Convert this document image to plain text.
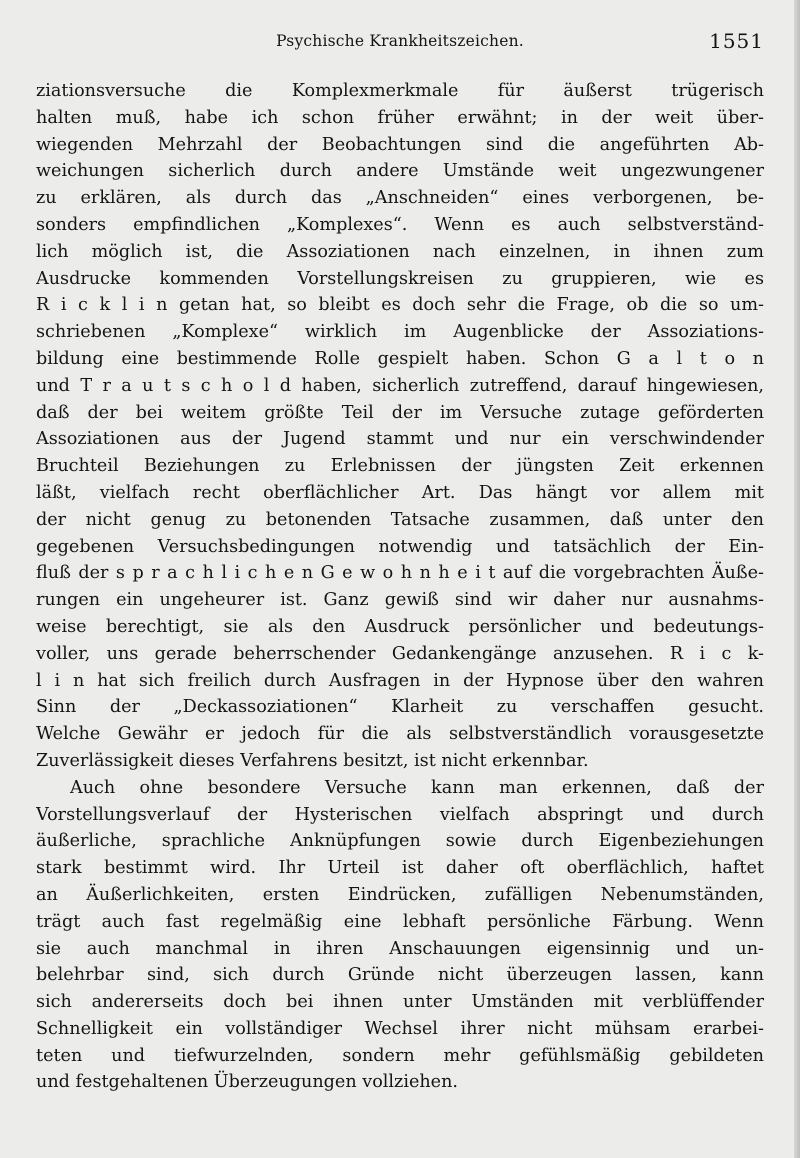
Psychische Krankheitszeichen.	1551
ziationsversuche die Komplexmerkmale für äußerst trügerisch
halten muß, habe ich schon früher erwähnt; in der weit über-
wiegenden Mehrzahl der Beobachtungen sind die angeführten Ab-
weichungen sicherlich durch andere Umstände weit ungezwungener
zu erklären, als durch das „Anschneiden“ eines verborgenen, be-
sonders empfindlichen „Komplexes“. Wenn es auch selbstverständ-
lich möglich ist, die Assoziationen nach einzelnen, in ihnen zum
Ausdrucke kommenden Vorstellungskreisen zu gruppieren, wie es
R i c k l i n getan hat, so bleibt es doch sehr die Frage, ob die so um-
schriebenen „Komplexe“ wirklich im Augenblicke der Assoziations-
bildung eine bestimmende Rolle gespielt haben. Schon G a l t o n
und T r a u t s c h o l d haben, sicherlich zutreffend, darauf hingewiesen,
daß der bei weitem größte Teil der im Versuche zutage geförderten
Assoziationen aus der Jugend stammt und nur ein verschwindender
Bruchteil Beziehungen zu Erlebnissen der jüngsten Zeit erkennen
läßt, vielfach recht oberflächlicher Art. Das hängt vor allem mit
der nicht genug zu betonenden Tatsache zusammen, daß unter den
gegebenen Versuchsbedingungen notwendig und tatsächlich der Ein-
fluß der s p r a c h l i c h e n G e w o h n h e i t auf die vorgebrachten Äuße-
rungen ein ungeheurer ist. Ganz gewiß sind wir daher nur ausnahms-
weise berechtigt, sie als den Ausdruck persönlicher und bedeutungs-
voller, uns gerade beherrschender Gedankengänge anzusehen. R i c k-
l i n hat sich freilich durch Ausfragen in der Hypnose über den wahren
Sinn der „Deckassoziationen“ Klarheit zu verschaffen gesucht.
Welche Gewähr er jedoch für die als selbstverständlich vorausgesetzte
Zuverlässigkeit dieses Verfahrens besitzt, ist nicht erkennbar.
Auch ohne besondere Versuche kann man erkennen, daß der
Vorstellungsverlauf der Hysterischen vielfach abspringt und durch
äußerliche, sprachliche Anknüpfungen sowie durch Eigenbeziehungen
stark bestimmt wird. Ihr Urteil ist daher oft oberflächlich, haftet
an Äußerlichkeiten, ersten Eindrücken, zufälligen Nebenumständen,
trägt auch fast regelmäßig eine lebhaft persönliche Färbung. Wenn
sie auch manchmal in ihren Anschauungen eigensinnig und un-
belehrbar sind, sich durch Gründe nicht überzeugen lassen, kann
sich andererseits doch bei ihnen unter Umständen mit verblüffender
Schnelligkeit ein vollständiger Wechsel ihrer nicht mühsam erarbei-
teten und tiefwurzelnden, sondern mehr gefühlsmäßig gebildeten
und festgehaltenen Überzeugungen vollziehen.
